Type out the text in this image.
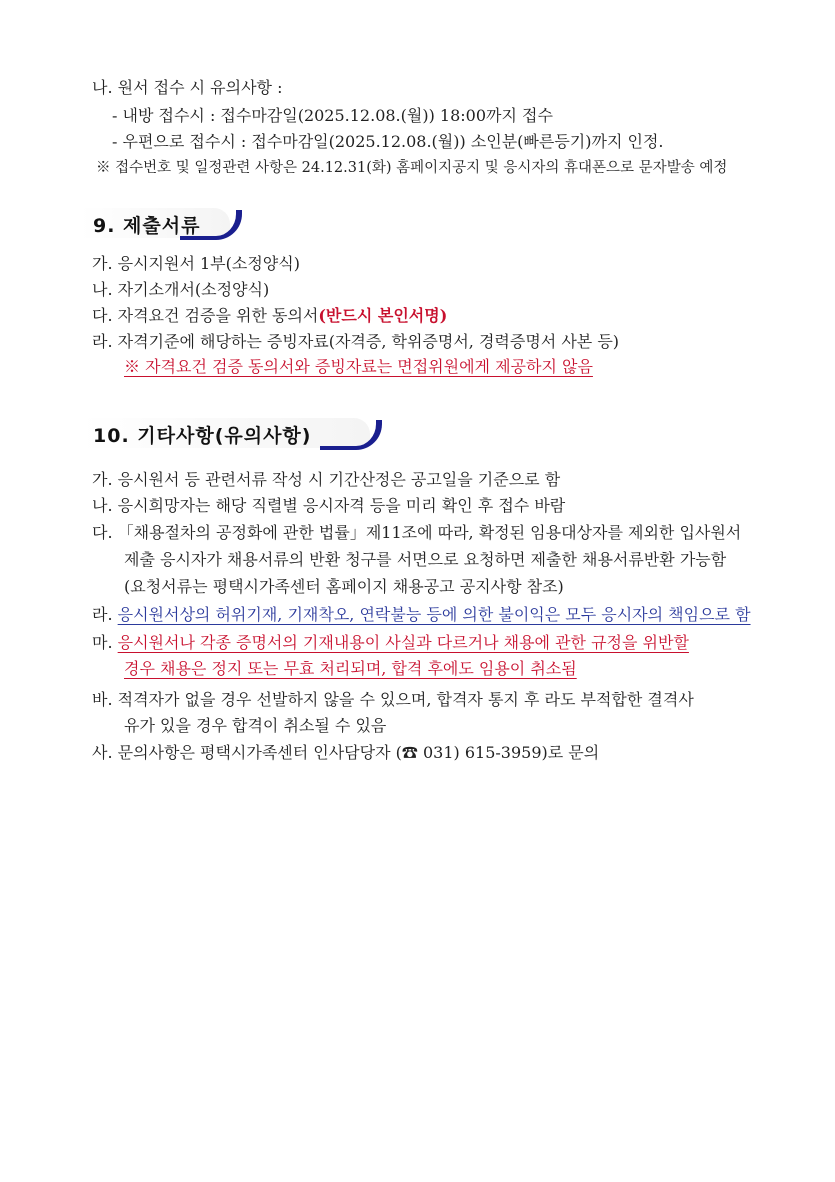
나. 원서 접수 시 유의사항 :
- 내방 접수시 : 접수마감일(2025.12.08.(월)) 18:00까지 접수
- 우편으로 접수시 : 접수마감일(2025.12.08.(월)) 소인분(빠른등기)까지 인정.
※ 접수번호 및 일정관련 사항은 24.12.31(화) 홈페이지공지 및 응시자의 휴대폰으로 문자발송 예정
9. 제출서류
가. 응시지원서 1부(소정양식)
나. 자기소개서(소정양식)
다. 자격요건 검증을 위한 동의서(반드시 본인서명)
라. 자격기준에 해당하는 증빙자료(자격증, 학위증명서, 경력증명서 사본 등)
※ 자격요건 검증 동의서와 증빙자료는 면접위원에게 제공하지 않음
10. 기타사항(유의사항)
가. 응시원서 등 관련서류 작성 시 기간산정은 공고일을 기준으로 함
나. 응시희망자는 해당 직렬별 응시자격 등을 미리 확인 후 접수 바람
다. 「채용절차의 공정화에 관한 법률」제11조에 따라, 확정된 임용대상자를 제외한 입사원서
제출 응시자가 채용서류의 반환 청구를 서면으로 요청하면 제출한 채용서류반환 가능함
(요청서류는 평택시가족센터 홈페이지 채용공고 공지사항 참조)
라. 응시원서상의 허위기재, 기재착오, 연락불능 등에 의한 불이익은 모두 응시자의 책임으로 함
마. 응시원서나 각종 증명서의 기재내용이 사실과 다르거나 채용에 관한 규정을 위반할
경우 채용은 정지 또는 무효 처리되며, 합격 후에도 임용이 취소됨
바. 적격자가 없을 경우 선발하지 않을 수 있으며, 합격자 통지 후 라도 부적합한 결격사
유가 있을 경우 합격이 취소될 수 있음
사. 문의사항은 평택시가족센터 인사담당자 (☎ 031) 615-3959)로 문의
